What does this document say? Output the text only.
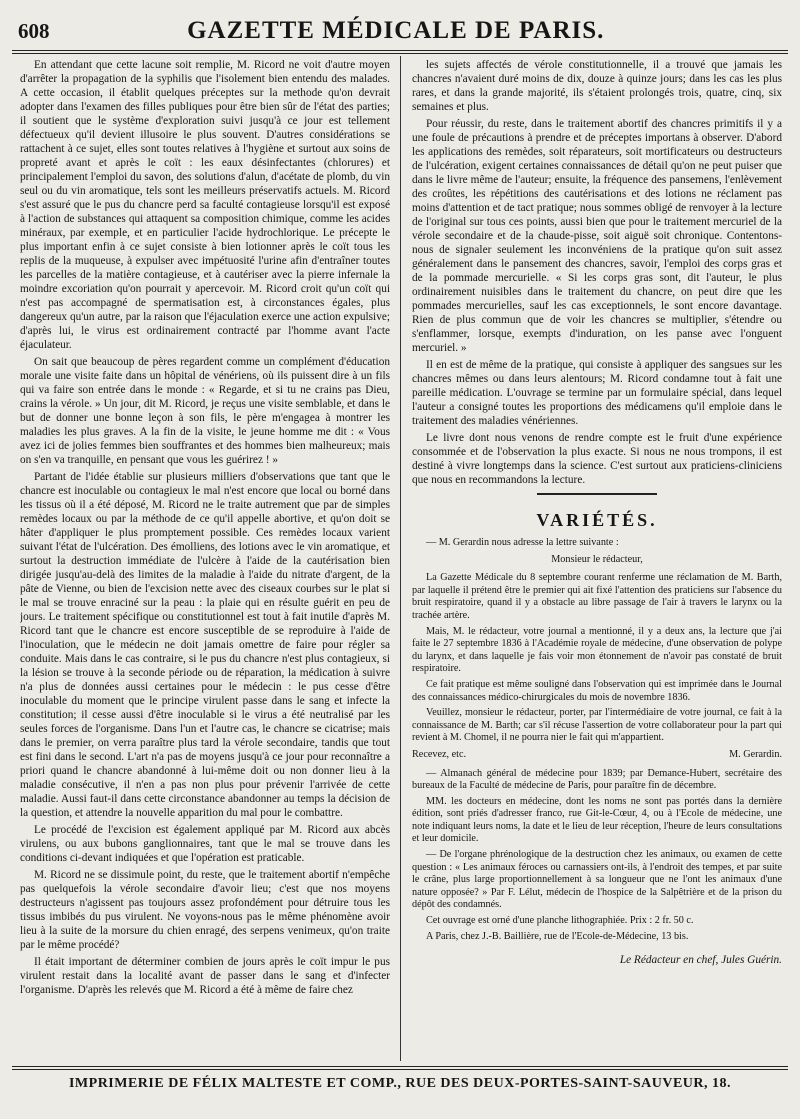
608	GAZETTE MÉDICALE DE PARIS.

En attendant que cette lacune soit remplie, M. Ricord ne voit d'autre moyen d'arrêter la propagation de la syphilis que l'isolement bien entendu des malades. A cette occasion, il établit quelques préceptes sur la methode qu'on devrait adopter dans l'examen des filles publiques pour être bien sûr de l'état des parties; il soutient que le système d'exploration suivi jusqu'à ce jour est tellement défectueux qu'il devient illusoire le plus souvent. D'autres considérations se rattachent à ce sujet, elles sont toutes relatives à l'hygiène et surtout aux soins de propreté avant et après le coït : les eaux désinfectantes (chlorures) et principalement l'emploi du savon, des solutions d'alun, d'acétate de plomb, du vin seul ou du vin aromatique, tels sont les meilleurs préservatifs actuels. M. Ricord s'est assuré que le pus du chancre perd sa faculté contagieuse lorsqu'il est exposé à l'action de substances qui attaquent sa composition chimique, comme les acides minéraux, par exemple, et en particulier l'acide hydrochlorique. Le précepte le plus important enfin à ce sujet consiste à bien lotionner après le coït tous les replis de la muqueuse, à expulser avec impétuosité l'urine afin d'entraîner toutes les parcelles de la matière contagieuse, et à cautériser avec la pierre infernale la moindre excoriation qu'on pourrait y apercevoir. M. Ricord croit qu'un coït qui n'est pas accompagné de spermatisation est, à circonstances égales, plus dangereux qu'un autre, par la raison que l'éjaculation exerce une action expulsive; d'après lui, le virus est ordinairement contracté par l'homme avant l'acte éjaculateur.

On sait que beaucoup de pères regardent comme un complément d'éducation morale une visite faite dans un hôpital de vénériens, où ils puissent dire à un fils qui va faire son entrée dans le monde : « Regarde, et si tu ne crains pas Dieu, crains la vérole. » Un jour, dit M. Ricord, je reçus une visite semblable, et dans le but de donner une bonne leçon à son fils, le père m'engagea à montrer les maladies les plus graves. A la fin de la visite, le jeune homme me dit : « Vous avez ici de jolies femmes bien souffrantes et des hommes bien malheureux; mais on s'en va tranquille, en pensant que vous les guérirez ! »

Partant de l'idée établie sur plusieurs milliers d'observations que tant que le chancre est inoculable ou contagieux le mal n'est encore que local ou borné dans les tissus où il a été déposé, M. Ricord ne le traite autrement que par de simples remèdes locaux ou par la méthode de ce qu'il appelle abortive, et qu'on doit se hâter d'appliquer le plus promptement possible. Ces remèdes locaux varient suivant l'état de l'ulcération. Des émolliens, des lotions avec le vin aromatique, et surtout la destruction immédiate de l'ulcère à l'aide de la cautérisation bien dirigée jusqu'au-delà des limites de la maladie à l'aide du nitrate d'argent, de la pâte de Vienne, ou bien de l'excision nette avec des ciseaux courbes sur le plat si le mal se trouve enraciné sur la peau : la plaie qui en résulte guérit en peu de jours. Le traitement spécifique ou constitutionnel est tout à fait inutile d'après M. Ricord tant que le chancre est encore susceptible de se reproduire à l'aide de l'inoculation, que le médecin ne doit jamais omettre de faire pour régler sa conduite. Mais dans le cas contraire, si le pus du chancre n'est plus contagieux, si la lésion se trouve à la seconde période ou de réparation, la médication à suivre n'a plus de données aussi certaines pour le médecin : le pus cesse d'être inoculable du moment que le principe virulent passe dans le sang et infecte la constitution; il cesse aussi d'être inoculable si le virus a été neutralisé par les seules forces de l'organisme. Dans l'un et l'autre cas, le chancre se cicatrise; mais dans le premier, on verra paraître plus tard la vérole secondaire, tandis que tout est fini dans le second. L'art n'a pas de moyens jusqu'à ce jour pour reconnaître a priori quand le chancre abandonné à lui-même doit ou non donner lieu à la maladie consécutive, il n'en a pas non plus pour prévenir l'arrivée de cette maladie. Aussi faut-il dans cette circonstance abandonner au temps la décision de la question, et attendre la nouvelle apparition du mal pour le combattre.

Le procédé de l'excision est également appliqué par M. Ricord aux abcès virulens, ou aux bubons ganglionnaires, tant que le mal se trouve dans les conditions ci-devant indiquées et que l'opération est praticable.

M. Ricord ne se dissimule point, du reste, que le traitement abortif n'empêche pas quelquefois la vérole secondaire d'avoir lieu; c'est que nos moyens destructeurs n'agissent pas toujours assez profondément pour détruire tous les tissus imbibés du pus virulent. Ne voyons-nous pas le même phénomène avoir lieu à la suite de la morsure du chien enragé, des serpens venimeux, qu'on traite par le même procédé?

Il était important de déterminer combien de jours après le coït impur le pus virulent restait dans la localité avant de passer dans le sang et d'infecter l'organisme. D'après les relevés que M. Ricord a été à même de faire chez

les sujets affectés de vérole constitutionnelle, il a trouvé que jamais les chancres n'avaient duré moins de dix, douze à quinze jours; dans les cas les plus rares, et dans la grande majorité, ils s'étaient prolongés trois, quatre, cinq, six semaines et plus.

Pour réussir, du reste, dans le traitement abortif des chancres primitifs il y a une foule de précautions à prendre et de préceptes importans à observer. D'abord les applications des remèdes, soit réparateurs, soit mortificateurs ou destructeurs de l'ulcération, exigent certaines connaissances de détail qu'on ne peut puiser que dans le livre même de l'auteur; ensuite, la fréquence des pansemens, l'enlèvement des croûtes, les répétitions des cautérisations et des lotions ne réclament pas moins d'attention et de tact pratique; nous sommes obligé de renvoyer à la lecture de l'original sur tous ces points, aussi bien que pour le traitement mercuriel de la vérole secondaire et de la chaude-pisse, soit aiguë soit chronique. Contentons-nous de signaler seulement les inconvéniens de la pratique qu'on suit assez généralement dans le pansement des chancres, savoir, l'emploi des corps gras et de la pommade mercurielle. « Si les corps gras sont, dit l'auteur, le plus ordinairement nuisibles dans le traitement du chancre, on peut dire que les pommades mercurielles, sauf les cas exceptionnels, le sont encore davantage. Rien de plus commun que de voir les chancres se multiplier, s'étendre ou s'enflammer, lorsque, exempts d'induration, on les panse avec l'onguent mercuriel. »

Il en est de même de la pratique, qui consiste à appliquer des sangsues sur les chancres mêmes ou dans leurs alentours; M. Ricord condamne tout à fait une pareille médication. L'ouvrage se termine par un formulaire spécial, dans lequel l'auteur a consigné toutes les proportions des médicamens qu'il emploie dans le traitement des maladies vénériennes.

Le livre dont nous venons de rendre compte est le fruit d'une expérience consommée et de l'observation la plus exacte. Si nous ne nous trompons, il est destiné à vivre longtemps dans la science. C'est surtout aux praticiens-cliniciens que nous en recommandons la lecture.

VARIÉTÉS.

— M. Gerardin nous adresse la lettre suivante :

Monsieur le rédacteur,

La Gazette Médicale du 8 septembre courant renferme une réclamation de M. Barth, par laquelle il prétend être le premier qui ait fixé l'attention des praticiens sur l'absence du bruit respiratoire, quand il y a obstacle au libre passage de l'air à travers le larynx ou la trachée artère.

Mais, M. le rédacteur, votre journal a mentionné, il y a deux ans, la lecture que j'ai faite le 27 septembre 1836 à l'Académie royale de médecine, d'une observation de polype du larynx, et dans laquelle je fais voir mon étonnement de n'avoir pas constaté de bruit respiratoire.

Ce fait pratique est même souligné dans l'observation qui est imprimée dans le Journal des connaissances médico-chirurgicales du mois de novembre 1836.

Veuillez, monsieur le rédacteur, porter, par l'intermédiaire de votre journal, ce fait à la connaissance de M. Barth; car s'il récuse l'assertion de votre collaborateur pour la part qui revient à M. Chomel, il ne pourra nier le fait qui m'appartient.

Recevez, etc.	M. Gerardin.

— Almanach général de médecine pour 1839; par Demance-Hubert, secrétaire des bureaux de la Faculté de médecine de Paris, pour paraître fin de décembre.

MM. les docteurs en médecine, dont les noms ne sont pas portés dans la dernière édition, sont priés d'adresser franco, rue Git-le-Cœur, 4, ou à l'Ecole de médecine, une note indiquant leurs noms, la date et le lieu de leur réception, l'heure de leurs consultations et leur domicile.

— De l'organe phrénologique de la destruction chez les animaux, ou examen de cette question : « Les animaux féroces ou carnassiers ont-ils, à l'endroit des tempes, et par suite le crâne, plus large proportionnellement à sa longueur que ne l'ont les animaux d'une nature opposée? » Par F. Lélut, médecin de l'hospice de la Salpêtrière et de la prison du dépôt des condamnés.

Cet ouvrage est orné d'une planche lithographiée. Prix : 2 fr. 50 c.

A Paris, chez J.-B. Baillière, rue de l'Ecole-de-Médecine, 13 bis.

Le Rédacteur en chef, Jules Guérin.
IMPRIMERIE DE FÉLIX MALTESTE ET COMP., RUE DES DEUX-PORTES-SAINT-SAUVEUR, 18.
